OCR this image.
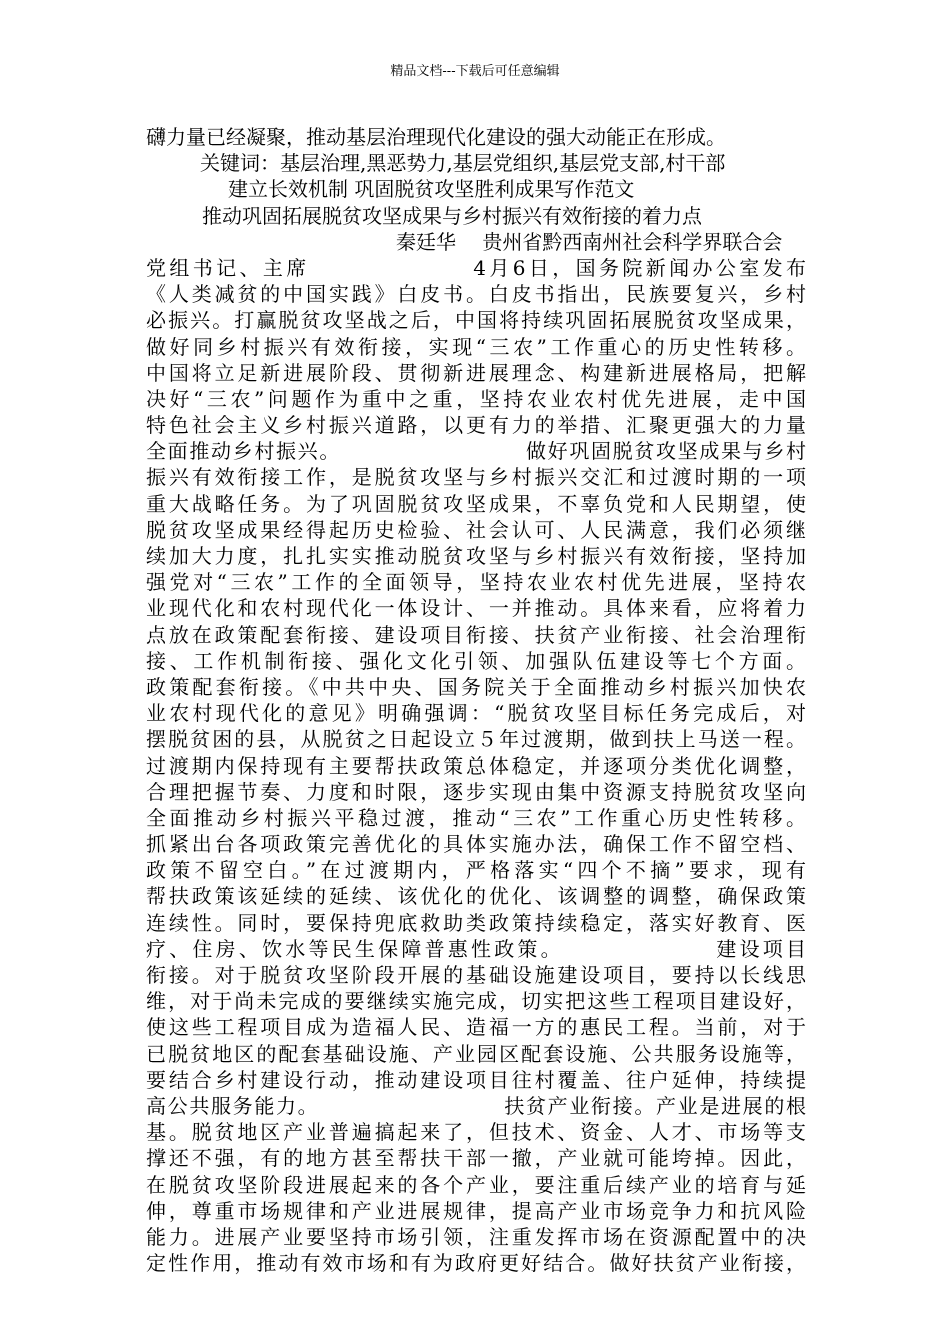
精品文档---下载后可任意编辑
礴力量已经凝聚，推动基层治理现代化建设的强大动能正在形成。
关键词：基层治理,黑恶势力,基层党组织,基层党支部,村干部
建立长效机制 巩固脱贫攻坚胜利成果写作范文
推动巩固拓展脱贫攻坚成果与乡村振兴有效衔接的着力点
秦廷华　 贵州省黔西南州社会科学界联合会
党组书记、主席　　　　　　　4月6日，国务院新闻办公室发布
《人类减贫的中国实践》白皮书。白皮书指出，民族要复兴，乡村
必振兴。打赢脱贫攻坚战之后，中国将持续巩固拓展脱贫攻坚成果，
做好同乡村振兴有效衔接，实现“三农”工作重心的历史性转移。
中国将立足新进展阶段、贯彻新进展理念、构建新进展格局，把解
决好“三农”问题作为重中之重，坚持农业农村优先进展，走中国
特色社会主义乡村振兴道路，以更有力的举措、汇聚更强大的力量
全面推动乡村振兴。　　　　　　　　　做好巩固脱贫攻坚成果与乡村
振兴有效衔接工作，是脱贫攻坚与乡村振兴交汇和过渡时期的一项
重大战略任务。为了巩固脱贫攻坚成果，不辜负党和人民期望，使
脱贫攻坚成果经得起历史检验、社会认可、人民满意，我们必须继
续加大力度，扎扎实实推动脱贫攻坚与乡村振兴有效衔接，坚持加
强党对“三农”工作的全面领导，坚持农业农村优先进展，坚持农
业现代化和农村现代化一体设计、一并推动。具体来看，应将着力
点放在政策配套衔接、建设项目衔接、扶贫产业衔接、社会治理衔
接、工作机制衔接、强化文化引领、加强队伍建设等七个方面。
政策配套衔接。《中共中央、国务院关于全面推动乡村振兴加快农
业农村现代化的意见》明确强调：“脱贫攻坚目标任务完成后，对
摆脱贫困的县，从脱贫之日起设立５年过渡期，做到扶上马送一程。
过渡期内保持现有主要帮扶政策总体稳定，并逐项分类优化调整，
合理把握节奏、力度和时限，逐步实现由集中资源支持脱贫攻坚向
全面推动乡村振兴平稳过渡，推动“三农”工作重心历史性转移。
抓紧出台各项政策完善优化的具体实施办法，确保工作不留空档、
政策不留空白。”在过渡期内，严格落实“四个不摘”要求，现有
帮扶政策该延续的延续、该优化的优化、该调整的调整，确保政策
连续性。同时，要保持兜底救助类政策持续稳定，落实好教育、医
疗、住房、饮水等民生保障普惠性政策。　　　　　　　建设项目
衔接。对于脱贫攻坚阶段开展的基础设施建设项目，要持以长线思
维，对于尚未完成的要继续实施完成，切实把这些工程项目建设好，
使这些工程项目成为造福人民、造福一方的惠民工程。当前，对于
已脱贫地区的配套基础设施、产业园区配套设施、公共服务设施等，
要结合乡村建设行动，推动建设项目往村覆盖、往户延伸，持续提
高公共服务能力。　　　　　　　　　扶贫产业衔接。产业是进展的根
基。脱贫地区产业普遍搞起来了，但技术、资金、人才、市场等支
撑还不强，有的地方甚至帮扶干部一撤，产业就可能垮掉。因此，
在脱贫攻坚阶段进展起来的各个产业，要注重后续产业的培育与延
伸，尊重市场规律和产业进展规律，提高产业市场竞争力和抗风险
能力。进展产业要坚持市场引领，注重发挥市场在资源配置中的决
定性作用，推动有效市场和有为政府更好结合。做好扶贫产业衔接，
